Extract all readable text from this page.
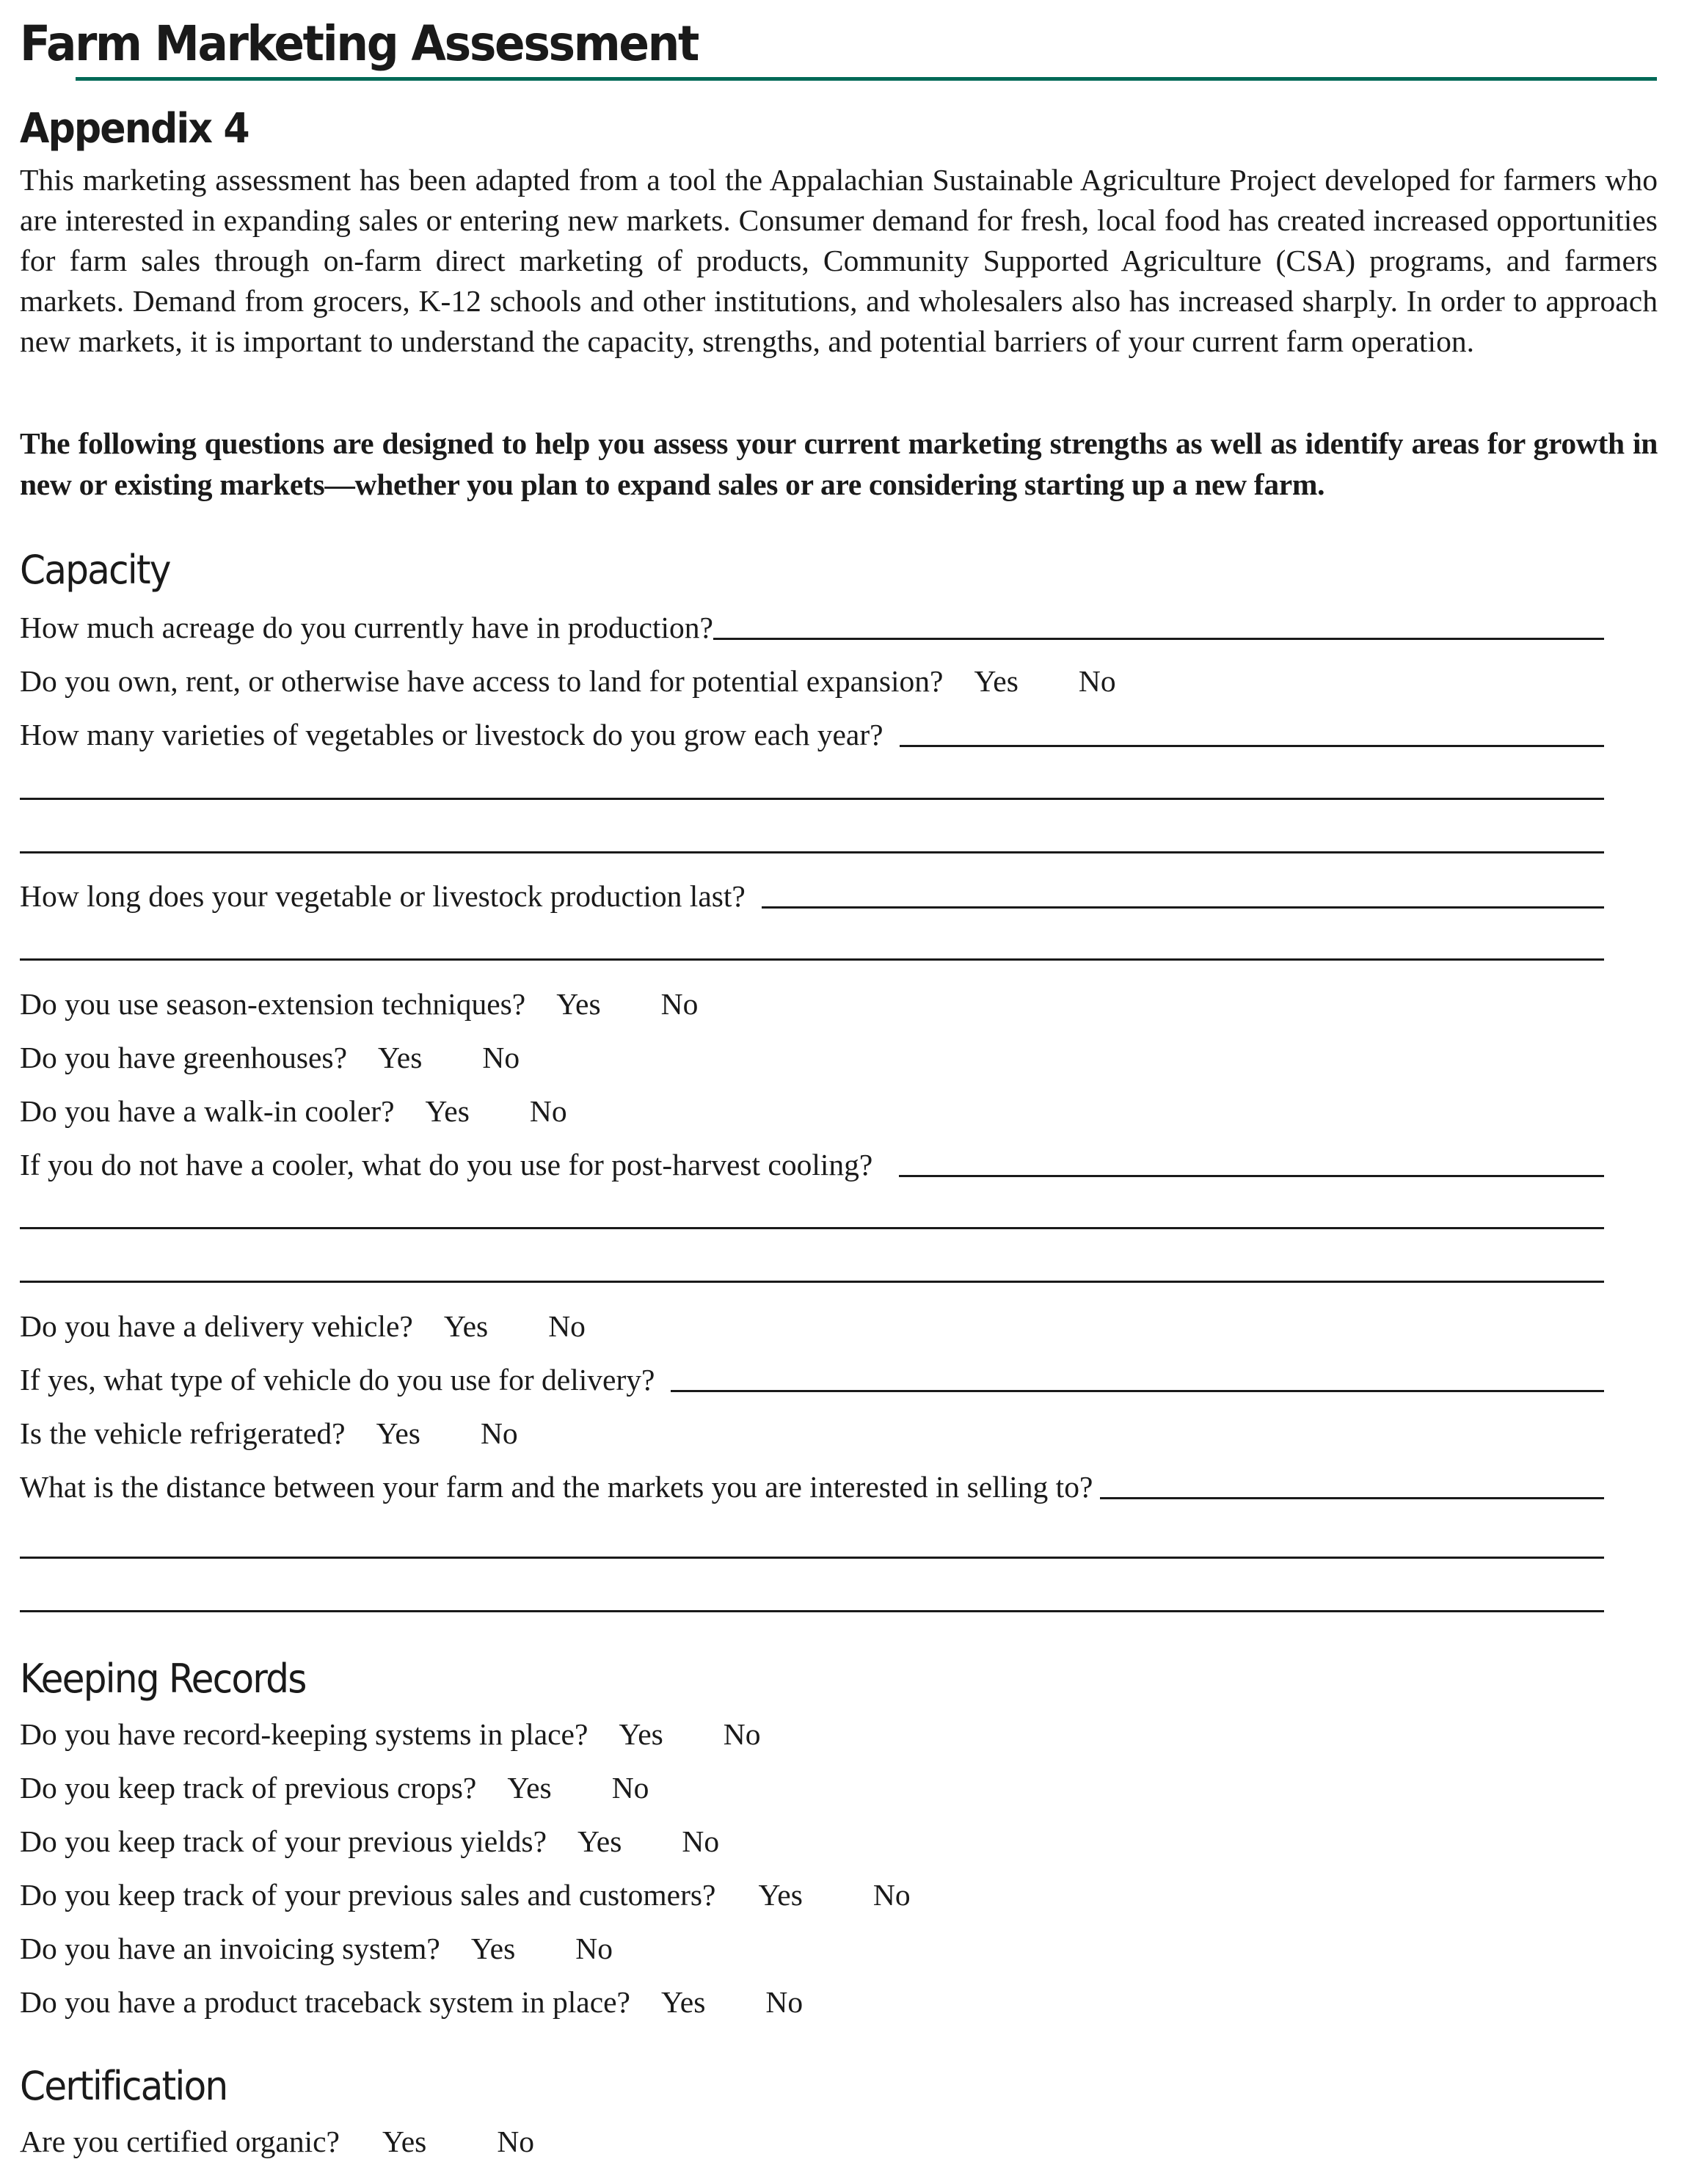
Farm Marketing Assessment
Appendix 4
This marketing assessment has been adapted from a tool the Appalachian Sustainable Agriculture Project developed for farmers who are interested in expanding sales or entering new markets. Consumer demand for fresh, local food has created increased opportunities for farm sales through on-farm direct marketing of products, Community Supported Agriculture (CSA) programs, and farmers markets. Demand from grocers, K-12 schools and other institutions, and wholesalers also has increased sharply. In order to approach new markets, it is important to understand the capacity, strengths, and potential barriers of your current farm operation.
The following questions are designed to help you assess your current marketing strengths as well as identify areas for growth in new or existing markets—whether you plan to expand sales or are considering starting up a new farm.
Capacity
How much acreage do you currently have in production?
Do you own, rent, or otherwise have access to land for potential expansion? Yes No
How many varieties of vegetables or livestock do you grow each year?
How long does your vegetable or livestock production last?
Do you use season-extension techniques? Yes No
Do you have greenhouses? Yes No
Do you have a walk-in cooler? Yes No
If you do not have a cooler, what do you use for post-harvest cooling?
Do you have a delivery vehicle? Yes No
If yes, what type of vehicle do you use for delivery?
Is the vehicle refrigerated? Yes No
What is the distance between your farm and the markets you are interested in selling to?
Keeping Records
Do you have record-keeping systems in place? Yes No
Do you keep track of previous crops? Yes No
Do you keep track of your previous yields? Yes No
Do you keep track of your previous sales and customers? Yes No
Do you have an invoicing system? Yes No
Do you have a product traceback system in place? Yes No
Certification
Are you certified organic? Yes No
